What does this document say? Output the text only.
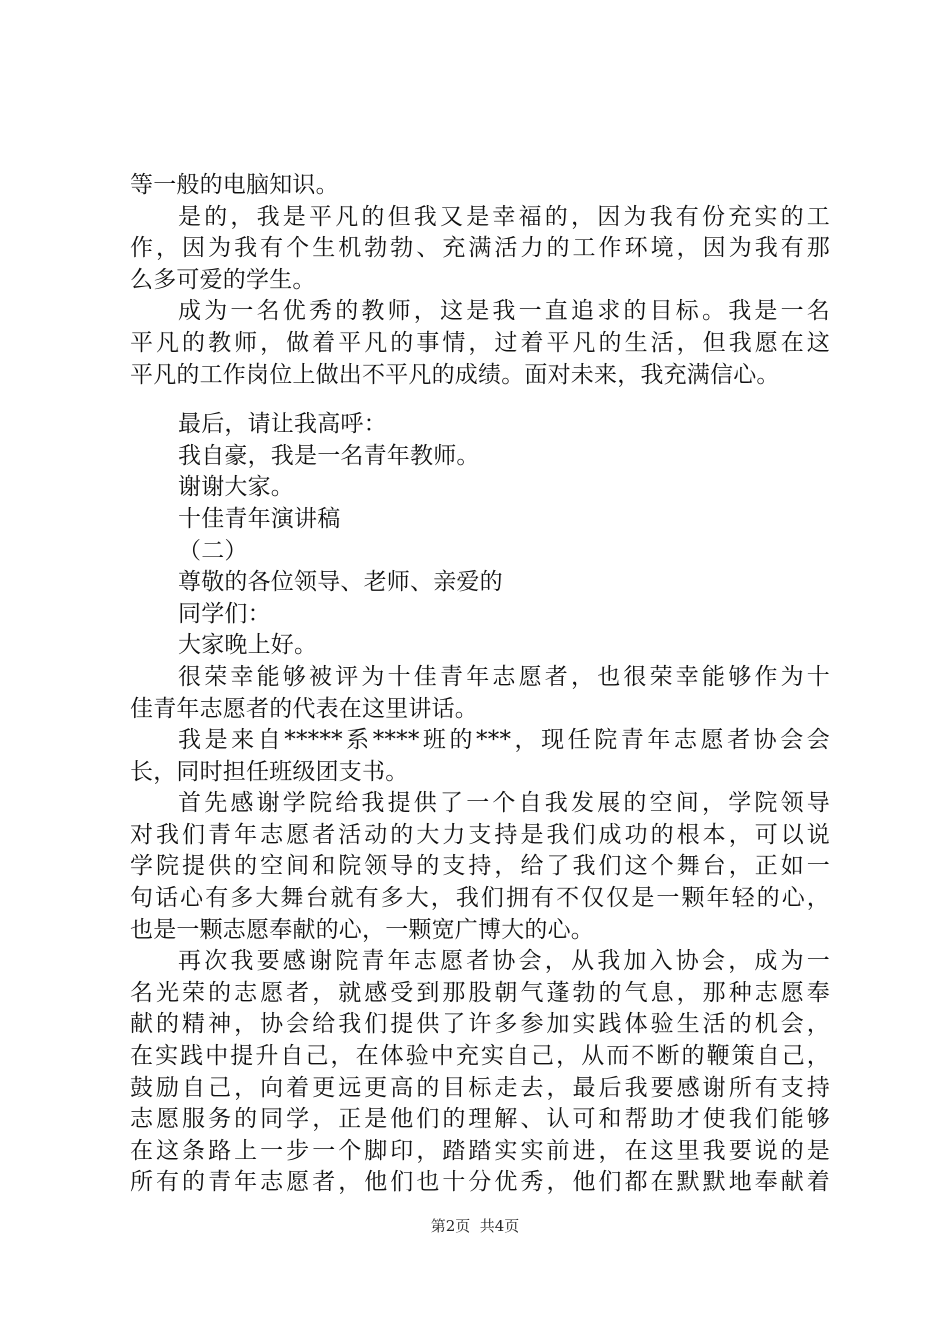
等一般的电脑知识。
是的，我是平凡的但我又是幸福的，因为我有份充实的工
作，因为我有个生机勃勃、充满活力的工作环境，因为我有那
么多可爱的学生。
成为一名优秀的教师，这是我一直追求的目标。我是一名
平凡的教师，做着平凡的事情，过着平凡的生活，但我愿在这
平凡的工作岗位上做出不平凡的成绩。面对未来，我充满信心。
最后，请让我高呼：
我自豪，我是一名青年教师。
谢谢大家。
十佳青年演讲稿
（二）
尊敬的各位领导、老师、亲爱的
同学们：
大家晚上好。
很荣幸能够被评为十佳青年志愿者，也很荣幸能够作为十
佳青年志愿者的代表在这里讲话。
我是来自*****系****班的***，现任院青年志愿者协会会
长，同时担任班级团支书。
首先感谢学院给我提供了一个自我发展的空间，学院领导
对我们青年志愿者活动的大力支持是我们成功的根本，可以说
学院提供的空间和院领导的支持，给了我们这个舞台，正如一
句话心有多大舞台就有多大，我们拥有不仅仅是一颗年轻的心，
也是一颗志愿奉献的心，一颗宽广博大的心。
再次我要感谢院青年志愿者协会，从我加入协会，成为一
名光荣的志愿者，就感受到那股朝气蓬勃的气息，那种志愿奉
献的精神，协会给我们提供了许多参加实践体验生活的机会，
在实践中提升自己，在体验中充实自己，从而不断的鞭策自己，
鼓励自己，向着更远更高的目标走去，最后我要感谢所有支持
志愿服务的同学，正是他们的理解、认可和帮助才使我们能够
在这条路上一步一个脚印，踏踏实实前进，在这里我要说的是
所有的青年志愿者，他们也十分优秀，他们都在默默地奉献着
第2页  共4页
